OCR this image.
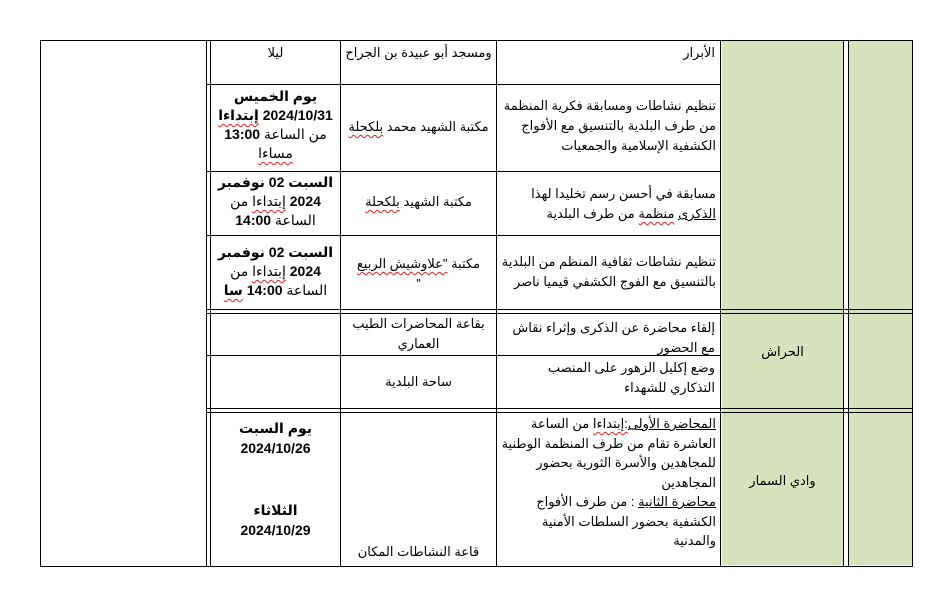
الحراش
وادي السمار
الأبرار
ومسجد أبو عبيدة بن الجراح
ليلا
تنظيم نشاطات ومسابقة فكرية المنظمة
من طرف البلدية بالتنسيق مع الأفواج
الكشفية الإسلامية والجمعيات
مكتبة الشهيد محمد بلكحلة
يوم الخميس
2024/10/31 إبتداءا
من الساعة 13:00
مساءا
مسابقة في أحسن رسم تخليدا لهذا
الذكرى منظمة من طرف البلدية
مكتبة الشهيد بلكحلة
السبت 02 نوفمبر
2024 إبتداءا من
الساعة 14:00
تنظيم نشاطات ثقافية المنظم من البلدية
بالتنسيق مع الفوج الكشفي قيميا ناصر
مكتبة "علاوشيش الربيع
"
السبت 02 نوفمبر
2024 إبتداءا من
الساعة 14:00 سا
إلقاء محاضرة عن الذكرى وإثراء نقاش
مع الحضور
بقاعة المحاضرات الطيب
العماري
وضع إكليل الزهور على المنصب
التذكاري للشهداء
ساحة البلدية
المحاضرة الأولى:إبتداءا من الساعة
العاشرة تقام من طرف المنظمة الوطنية
للمجاهدين والأسرة الثورية بحضور
المجاهدين
محاضرة الثانية : من طرف الأفواج
الكشفية بحضور السلطات الأمنية
والمدنية
قاعة النشاطات المكان
يوم السبت
2024/10/26
الثلاثاء
2024/10/29
